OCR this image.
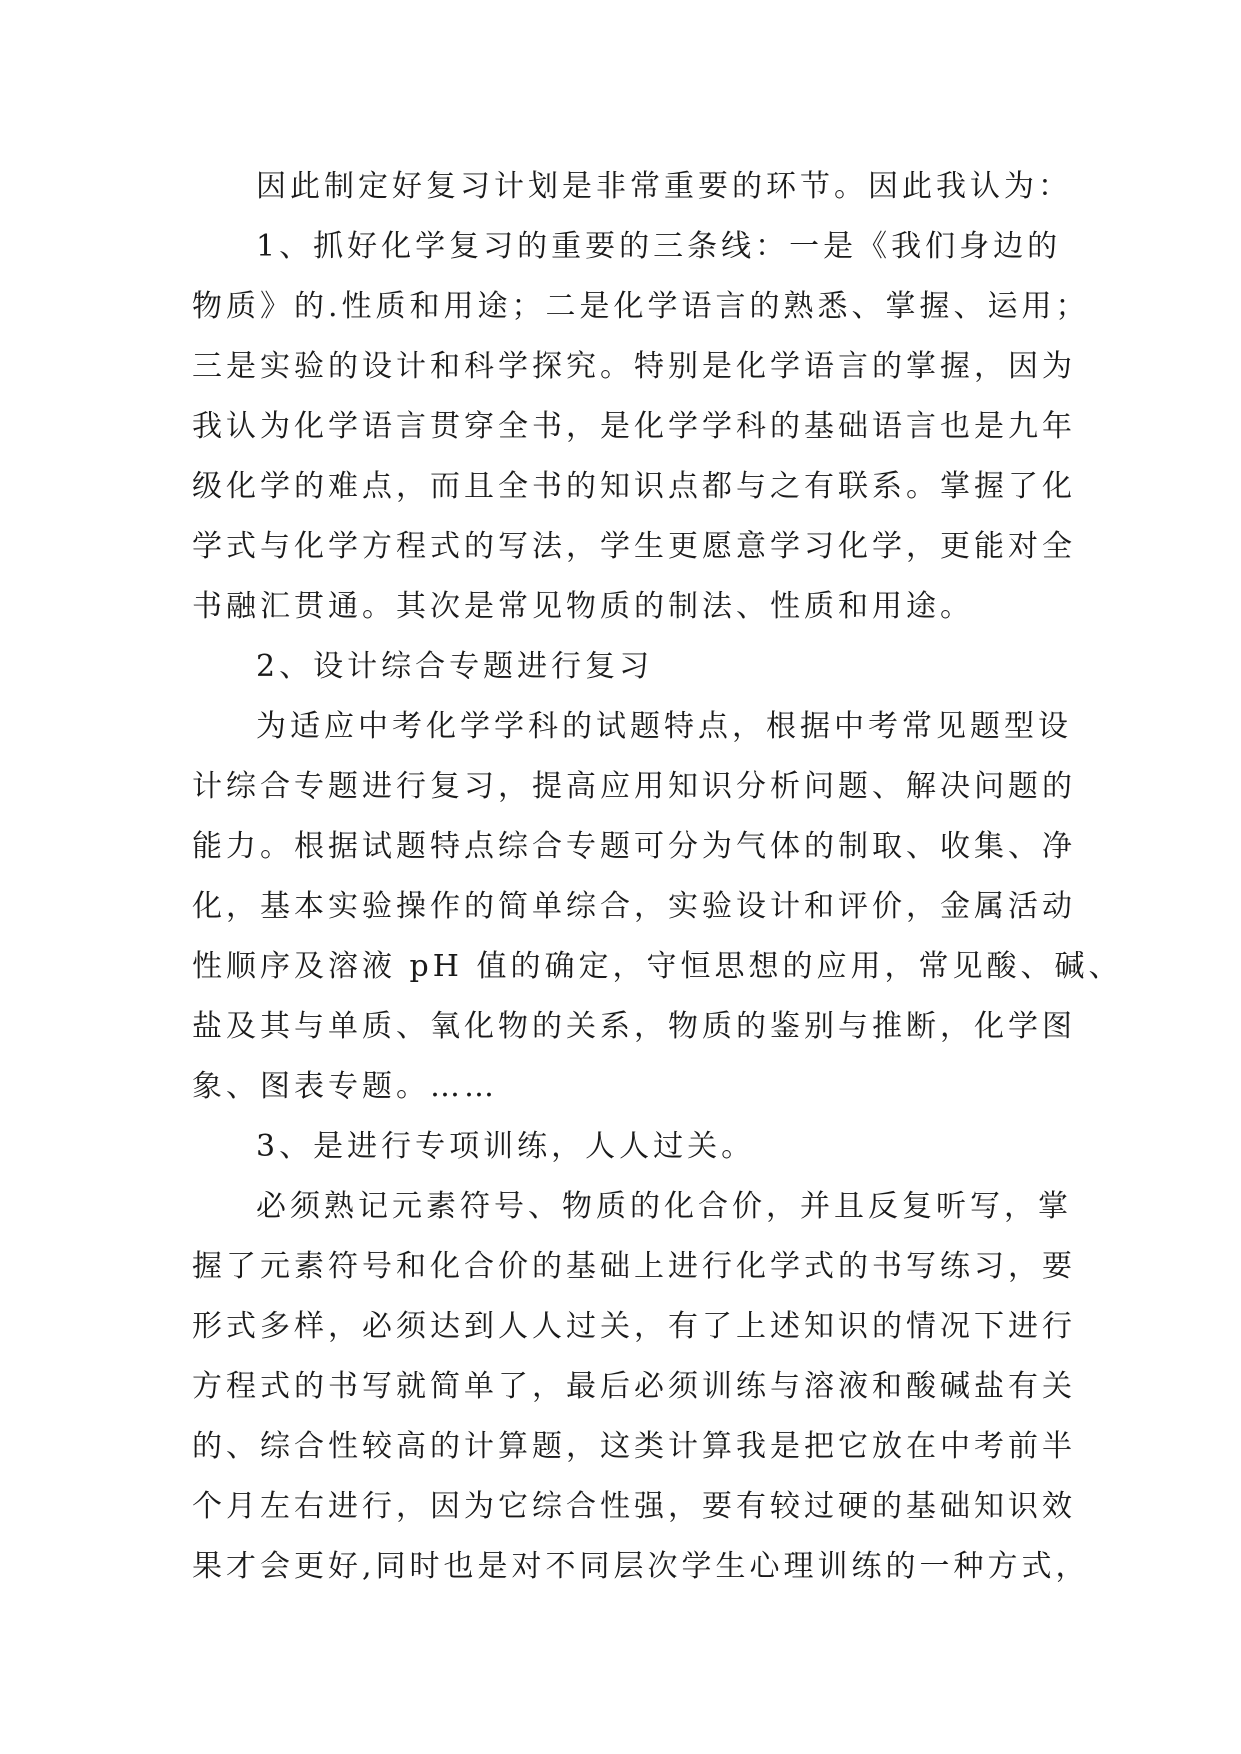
因此制定好复习计划是非常重要的环节。因此我认为：
1、抓好化学复习的重要的三条线：一是《我们身边的
物质》的.性质和用途；二是化学语言的熟悉、掌握、运用；
三是实验的设计和科学探究。特别是化学语言的掌握，因为
我认为化学语言贯穿全书，是化学学科的基础语言也是九年
级化学的难点，而且全书的知识点都与之有联系。掌握了化
学式与化学方程式的写法，学生更愿意学习化学，更能对全
书融汇贯通。其次是常见物质的制法、性质和用途。
2、设计综合专题进行复习
为适应中考化学学科的试题特点，根据中考常见题型设
计综合专题进行复习，提高应用知识分析问题、解决问题的
能力。根据试题特点综合专题可分为气体的制取、收集、净
化，基本实验操作的简单综合，实验设计和评价，金属活动
性顺序及溶液 pH 值的确定，守恒思想的应用，常见酸、碱、
盐及其与单质、氧化物的关系，物质的鉴别与推断，化学图
象、图表专题。……
3、是进行专项训练，人人过关。
必须熟记元素符号、物质的化合价，并且反复听写，掌
握了元素符号和化合价的基础上进行化学式的书写练习，要
形式多样，必须达到人人过关，有了上述知识的情况下进行
方程式的书写就简单了，最后必须训练与溶液和酸碱盐有关
的、综合性较高的计算题，这类计算我是把它放在中考前半
个月左右进行，因为它综合性强，要有较过硬的基础知识效
果才会更好,同时也是对不同层次学生心理训练的一种方式，
